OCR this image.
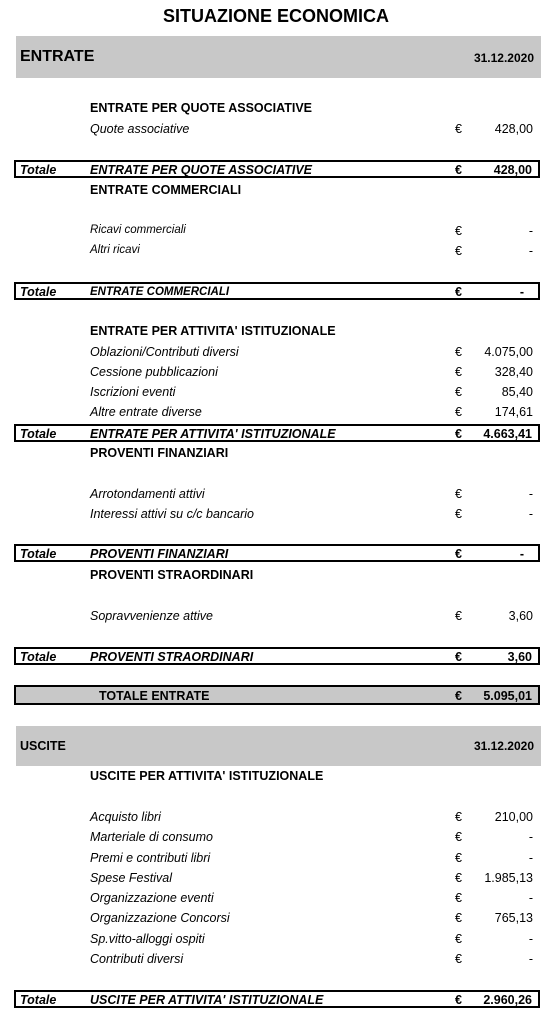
SITUAZIONE ECONOMICA
ENTRATE	31.12.2020
ENTRATE PER QUOTE ASSOCIATIVE
Quote associative	€	428,00
Totale	ENTRATE PER QUOTE ASSOCIATIVE	€	428,00
ENTRATE COMMERCIALI
Ricavi commerciali	€	-
Altri ricavi	€	-
Totale	ENTRATE COMMERCIALI	€	-
ENTRATE PER ATTIVITA' ISTITUZIONALE
Oblazioni/Contributi diversi	€ 4.075,00
Cessione pubblicazioni	€	328,40
Iscrizioni eventi	€	85,40
Altre entrate diverse	€	174,61
Totale	ENTRATE PER ATTIVITA' ISTITUZIONALE	€ 4.663,41
PROVENTI FINANZIARI
Arrotondamenti attivi	€	-
Interessi attivi su c/c bancario	€	-
Totale	PROVENTI FINANZIARI	€	-
PROVENTI STRAORDINARI
Sopravvenienze attive	€	3,60
Totale	PROVENTI STRAORDINARI	€	3,60
TOTALE ENTRATE	€ 5.095,01
USCITE	31.12.2020
USCITE PER ATTIVITA' ISTITUZIONALE
Acquisto libri	€	210,00
Marteriale di consumo	€	-
Premi e contributi libri	€	-
Spese Festival	€ 1.985,13
Organizzazione eventi	€	-
Organizzazione Concorsi	€	765,13
Sp.vitto-alloggi ospiti	€	-
Contributi diversi	€	-
Totale	USCITE PER ATTIVITA' ISTITUZIONALE	€ 2.960,26
